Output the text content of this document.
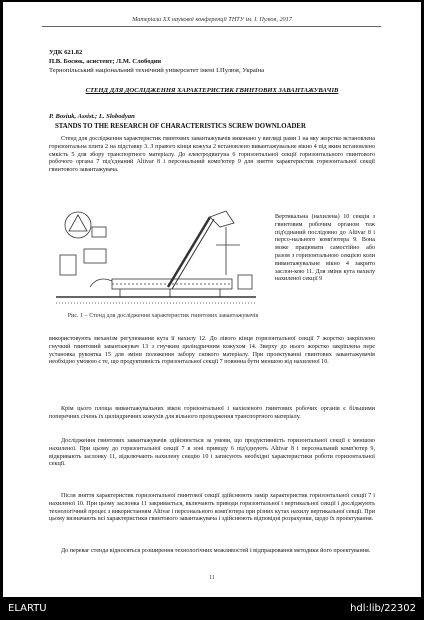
Матеріали XX наукової конференції ТНТУ ім. І. Пулюя, 2017
УДК 621.82
П.В. Босюк, асистент; Л.М. Слободян
Тернопільський національний технічний університет імені І.Пулюя, Україна
СТЕНД ДЛЯ ДОСЛІДЖЕННЯ ХАРАКТЕРИСТИК ГВИНТОВИХ ЗАВАНТАЖУВАЧІВ
P. Bosiuk, Assist.; L. Slobodyan
STANDS TO THE RESEARCH OF CHARACTERISTICS SCREW DOWNLOADER
Стенд для дослідження характеристик гвинтових завантажувачів виконано у вигляді рами 1 на яку жорстко встановлена горизонтальна плита 2 на підставку 3. З правого кінця кожуха 2 встановлено вивантажувальне вікно 4 під яким встановлено ємкість 5 для збору транспортного матеріалу. До електродвигуна 6 горизонтальної секції горизонтального гвинтового робочого органа 7 під'єднаний Altivar 8 і персональний комп'ютер 9 для зняття характеристик горизонтальної секції гвинтового завантажувача.
Рис. 1 – Стенд для дослідження характеристик гвинтових завантажувачів
Вертикальна (нахилена) 10 секція з гвинтовим робочим органом теж під'єднаний послідовно до Altivar 8 і персо-нального комп'ютера 9. Вона може працювати самостійно або разом з горизонтальною секцією коли вивантажувальне вікно 4 закрито заслон-кою 11. Для зміни кута нахилу нахиленої секції 9
використовують механізм регулювання кута її нахилу 12. До лівого кінця горизонтальної секції 7 жорстко закріплено гнучкий гвинтовий завантажувач 13 з гнучким циліндричним кожухом 14. Зверху до нього жорстко закріплена пере установка рукоятка 15 для зміни положення забору сипкого матеріалу. При проектуванні гвинтових завантажувачів необхідно умовою є те, що продуктивність горизонтальної секції 7 повинна бути меншою від нахиленої 10.
Крім цього площа вивантажувальних вікон горизонтальної і нахиленого гвинтових робочих органів є більшими поперечних січень їх циліндричних кожухів для вільного проходження транспортного матеріалу.
Дослідження гвинтових завантажувачів здійснюється за умови, що продуктивність горизонтальної секції є меншою нахиленої. При цьому до горизонтальної секції 7 в зоні приводу 6 під'єднують Altivar 8 і персональний комп'ютер 9, відкривають заслонку 11, відключають нахилену секцію 10 і записують необхідні характеристики роботи горизонтальної секції.
Після зняття характеристик горизонтальної гвинтової секції здійснюють замір характеристик горизонтальної секції 7 і нахиленої 10. При цьому заслонка 11 закривається, включають приводи горизонтальної і вертикальної секції і досліджують технологічний процес з використанням Altivar і персонального комп'ютера при різних кутах нахилу вертикальної секції. При цьому визначають всі характеристики гвинтового завантажувача і здійснюють відповідні розрахунки, щодо їх проектування.
До переваг стенда відносяться розширення технологічних можливостей і відпрацювання методики його проектування.
11
ELARTU	hdl:lib/22302
